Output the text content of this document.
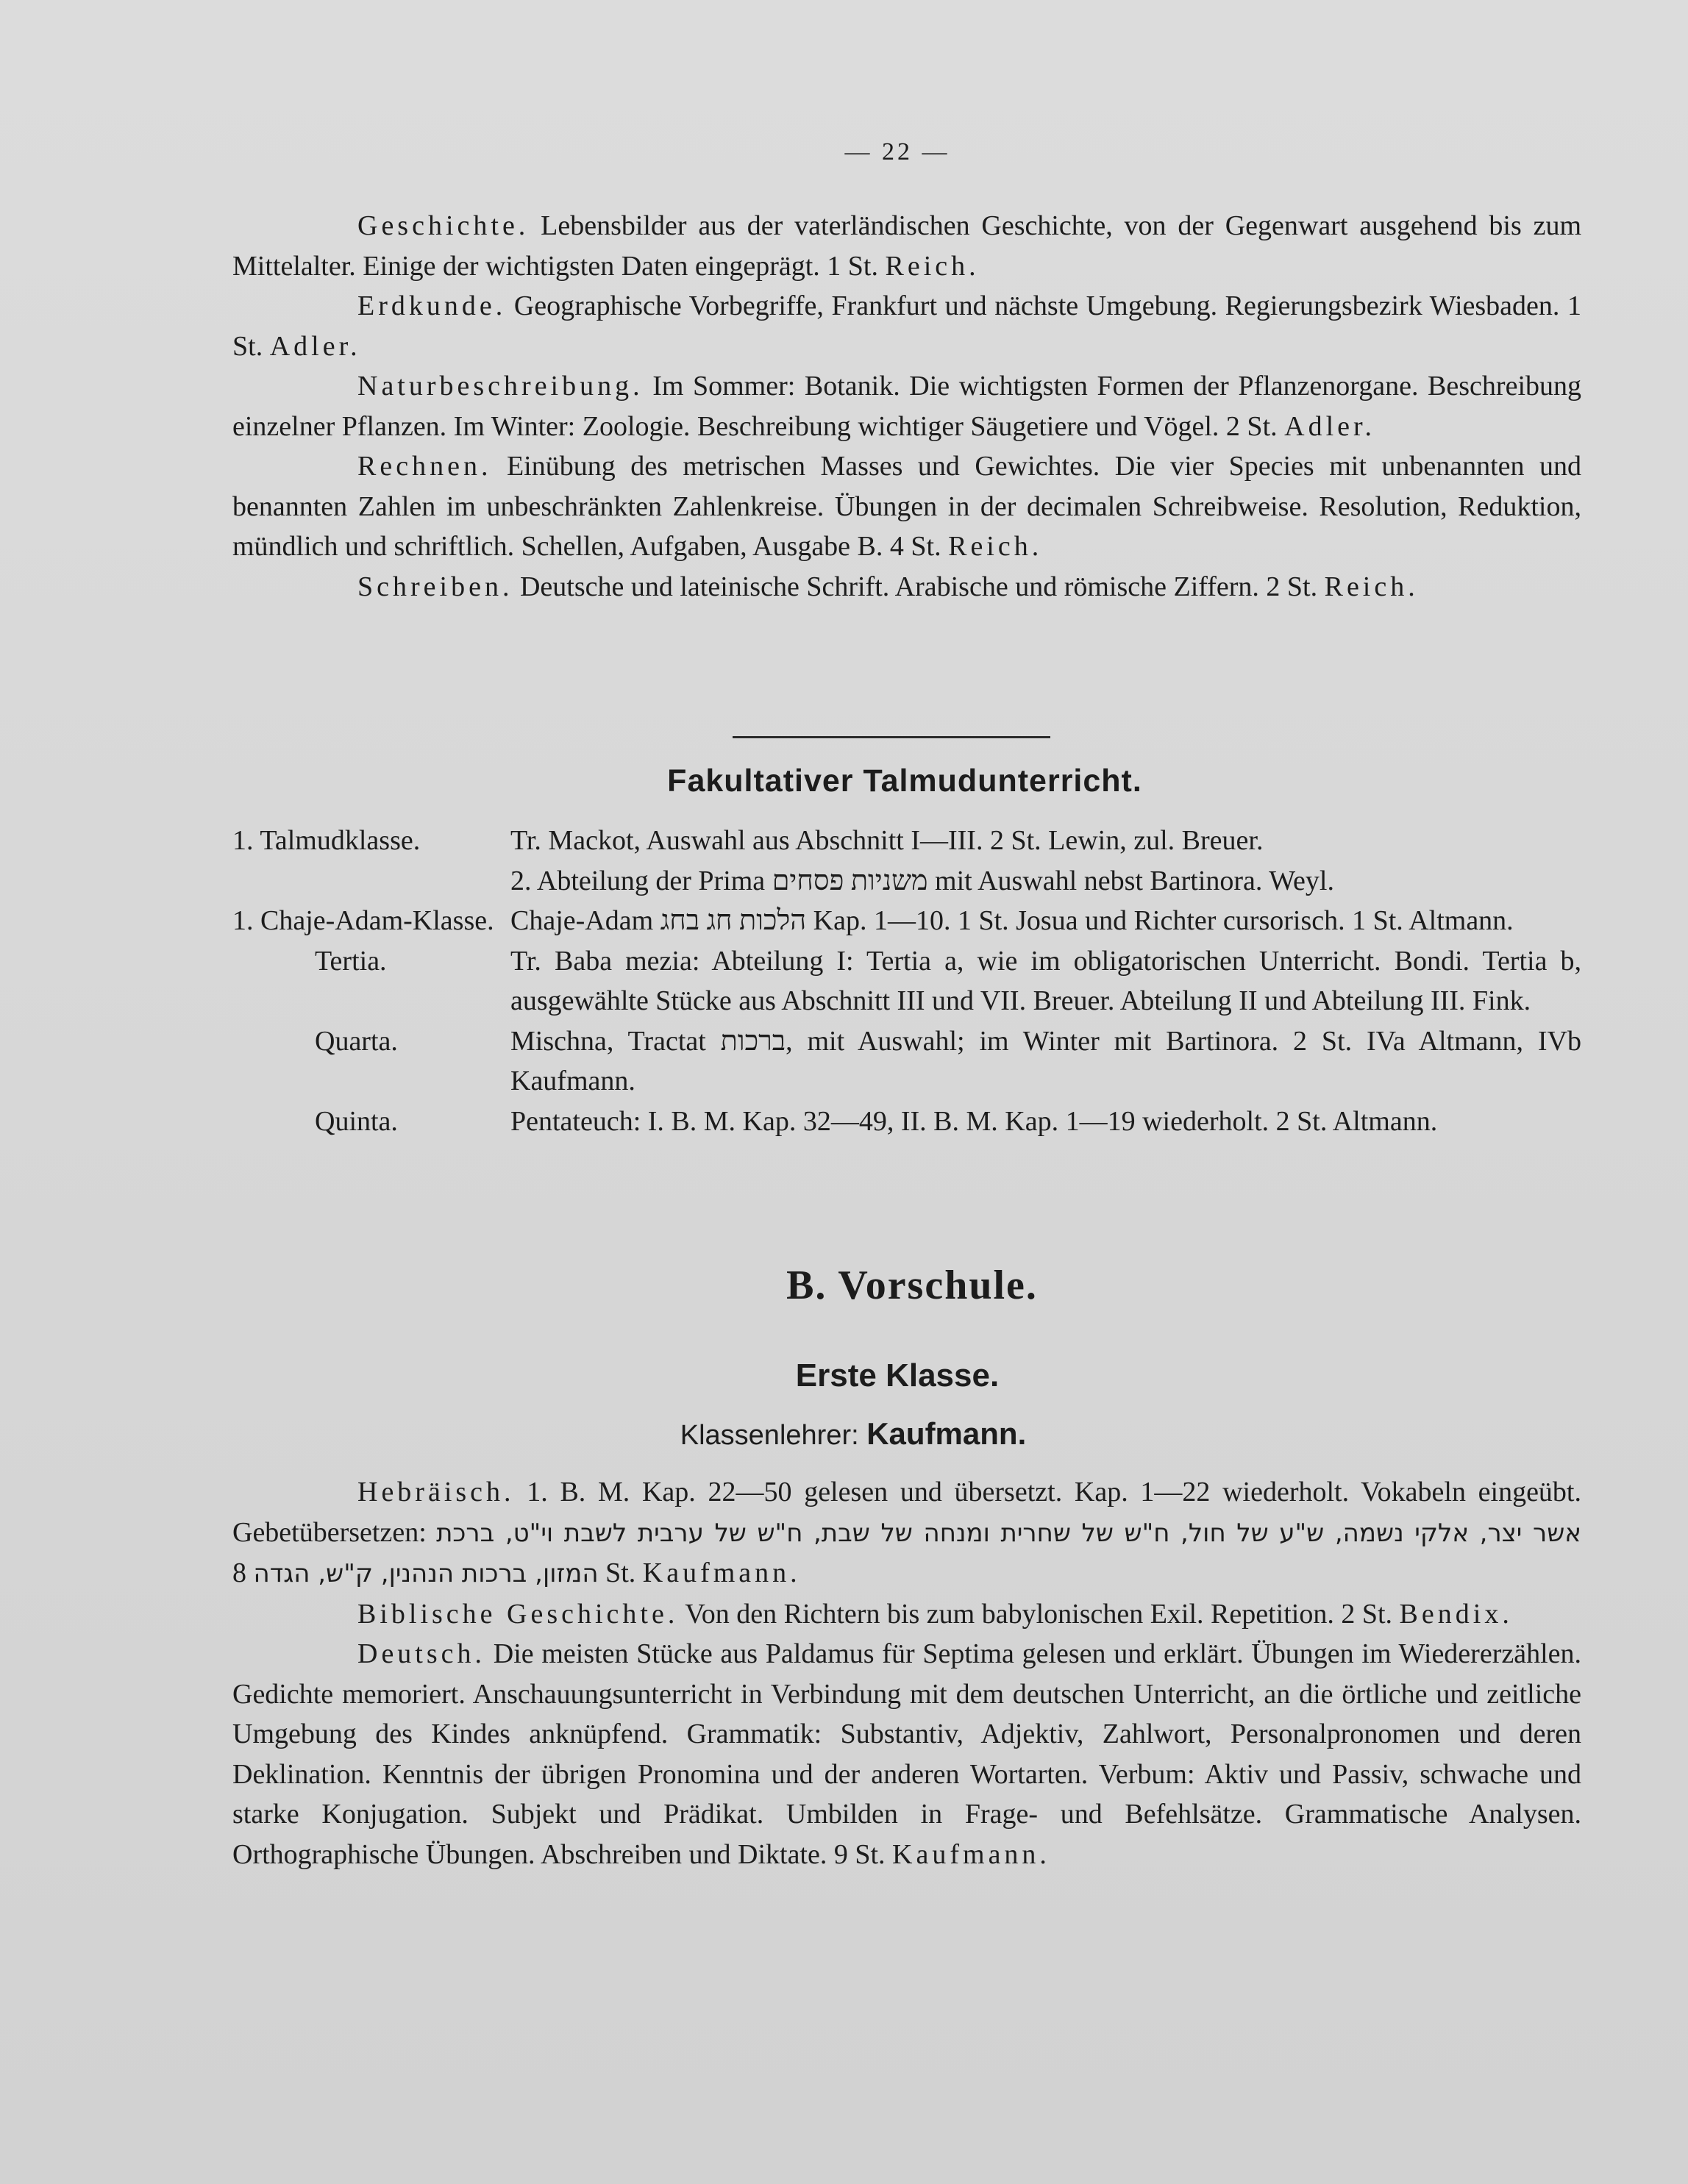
— 22 —

Geschichte. Lebensbilder aus der vaterländischen Geschichte, von der Gegenwart ausgehend bis zum Mittelalter. Einige der wichtigsten Daten eingeprägt. 1 St. Reich.

Erdkunde. Geographische Vorbegriffe, Frankfurt und nächste Umgebung. Regierungsbezirk Wiesbaden. 1 St. Adler.

Naturbeschreibung. Im Sommer: Botanik. Die wichtigsten Formen der Pflanzenorgane. Beschreibung einzelner Pflanzen. Im Winter: Zoologie. Beschreibung wichtiger Säugetiere und Vögel. 2 St. Adler.

Rechnen. Einübung des metrischen Masses und Gewichtes. Die vier Species mit unbenannten und benannten Zahlen im unbeschränkten Zahlenkreise. Übungen in der decimalen Schreibweise. Resolution, Reduktion, mündlich und schriftlich. Schellen, Aufgaben, Ausgabe B. 4 St. Reich.

Schreiben. Deutsche und lateinische Schrift. Arabische und römische Ziffern. 2 St. Reich.

Fakultativer Talmudunterricht.
1. Talmudklasse.	Tr. Mackot, Auswahl aus Abschnitt I—III. 2 St. Lewin, zul. Breuer.
2. Abteilung der Prima משניות פסחים mit Auswahl nebst Bartinora. Weyl.
1. Chaje-Adam-Klasse. Chaje-Adam הלכות חג בחג Kap. 1—10. 1 St. Josua und Richter cursorisch. 1 St. Altmann.
Tertia.	Tr. Baba mezia: Abteilung I: Tertia a, wie im obligatorischen Unterricht. Bondi. Tertia b, ausgewählte Stücke aus Abschnitt III und VII. Breuer. Abteilung II und Abteilung III. Fink.
Quarta.	Mischna, Tractat ברכות, mit Auswahl; im Winter mit Bartinora. 2 St. IVa Altmann, IVb Kaufmann.
Quinta.	Pentateuch: I. B. M. Kap. 32—49, II. B. M. Kap. 1—19 wiederholt. 2 St. Altmann.
B. Vorschule.
Erste Klasse.
Klassenlehrer: Kaufmann.

Hebräisch. 1. B. M. Kap. 22—50 gelesen und übersetzt. Kap. 1—22 wiederholt. Vokabeln eingeübt. Gebetübersetzen: אשר יצר, אלקי נשמה, ש"ע של חול, ח"ש של שחרית ומנחה של שבת, ח"ש של ערבית לשבת וי"ט, ברכת המזון, ברכות הנהנין, ק"ש, הגדה 8 St. Kaufmann.

Biblische Geschichte. Von den Richtern bis zum babylonischen Exil. Repetition. 2 St. Bendix.

Deutsch. Die meisten Stücke aus Paldamus für Septima gelesen und erklärt. Übungen im Wiedererzählen. Gedichte memoriert. Anschauungsunterricht in Verbindung mit dem deutschen Unterricht, an die örtliche und zeitliche Umgebung des Kindes anknüpfend. Grammatik: Substantiv, Adjektiv, Zahlwort, Personalpronomen und deren Deklination. Kenntnis der übrigen Pronomina und der anderen Wortarten. Verbum: Aktiv und Passiv, schwache und starke Konjugation. Subjekt und Prädikat. Umbilden in Frage- und Befehlsätze. Grammatische Analysen. Orthographische Übungen. Abschreiben und Diktate. 9 St. Kaufmann.
